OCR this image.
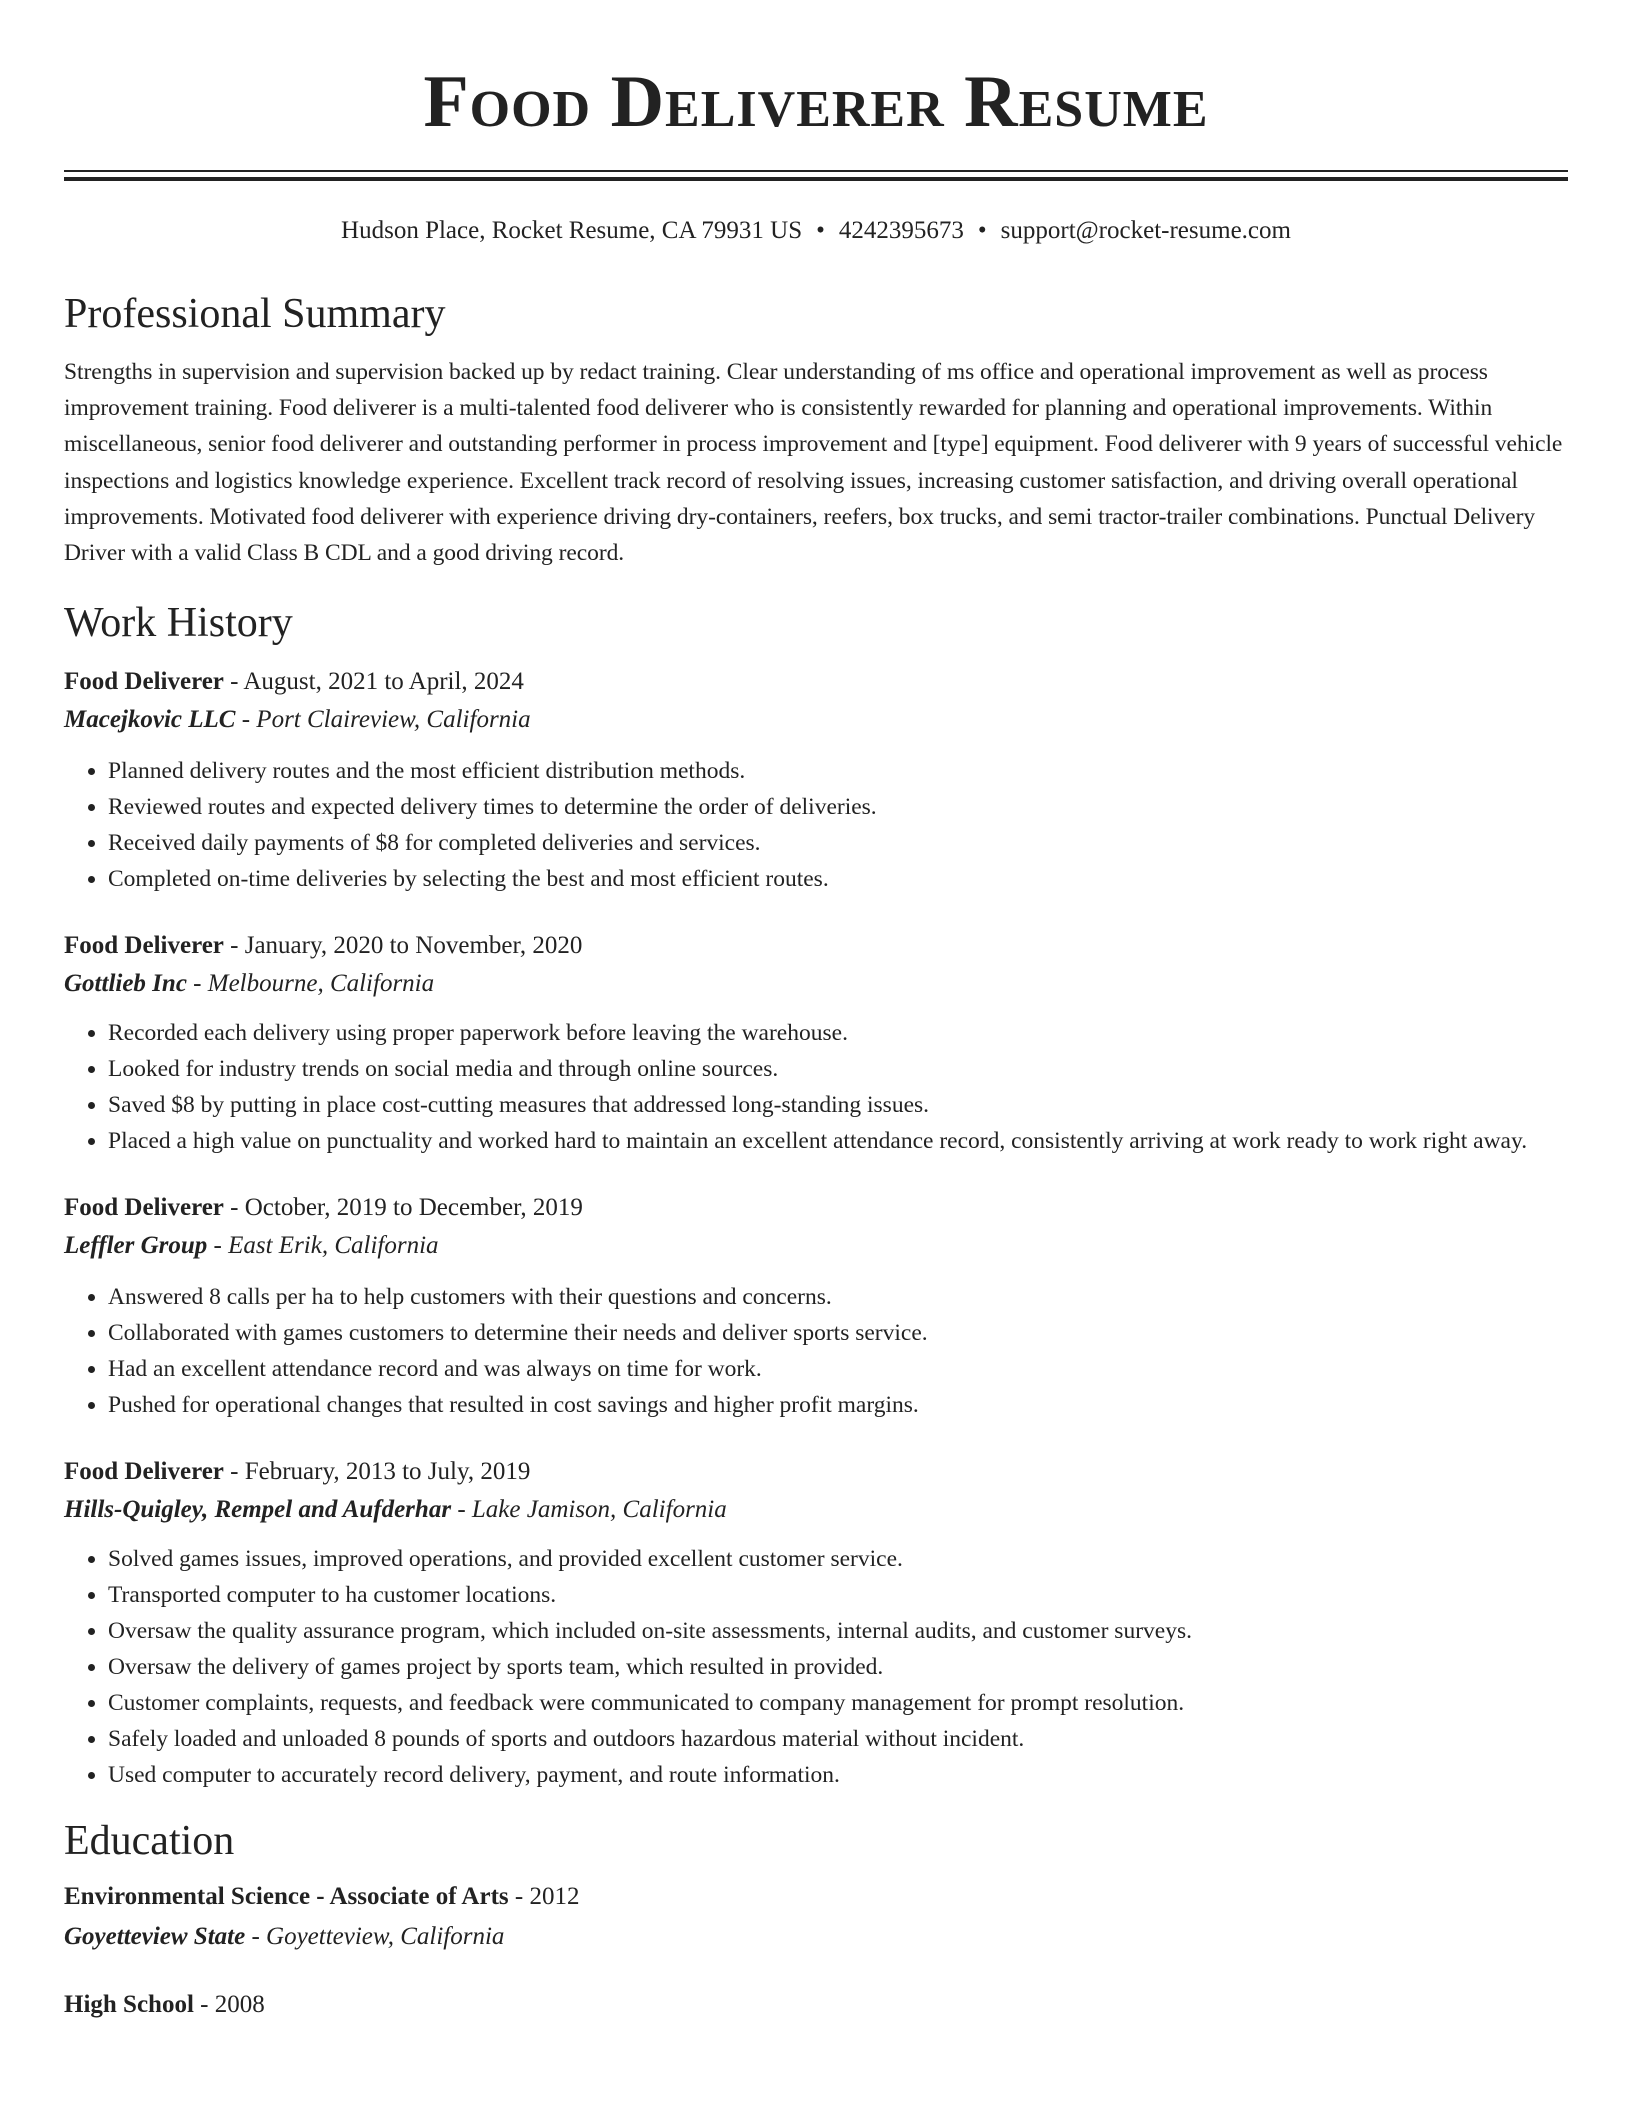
Food Deliverer Resume
Hudson Place, Rocket Resume, CA 79931 US • 4242395673 • support@rocket-resume.com
Professional Summary

Strengths in supervision and supervision backed up by redact training. Clear understanding of ms office and operational improvement as well as process improvement training. Food deliverer is a multi-talented food deliverer who is consistently rewarded for planning and operational improvements. Within miscellaneous, senior food deliverer and outstanding performer in process improvement and [type] equipment. Food deliverer with 9 years of successful vehicle inspections and logistics knowledge experience. Excellent track record of resolving issues, increasing customer satisfaction, and driving overall operational improvements. Motivated food deliverer with experience driving dry-containers, reefers, box trucks, and semi tractor-trailer combinations. Punctual Delivery Driver with a valid Class B CDL and a good driving record.

Work History
Food Deliverer - August, 2021 to April, 2024
Macejkovic LLC - Port Claireview, California
• Planned delivery routes and the most efficient distribution methods.
• Reviewed routes and expected delivery times to determine the order of deliveries.
• Received daily payments of $8 for completed deliveries and services.
• Completed on-time deliveries by selecting the best and most efficient routes.
Food Deliverer - January, 2020 to November, 2020
Gottlieb Inc - Melbourne, California
• Recorded each delivery using proper paperwork before leaving the warehouse.
• Looked for industry trends on social media and through online sources.
• Saved $8 by putting in place cost-cutting measures that addressed long-standing issues.
• Placed a high value on punctuality and worked hard to maintain an excellent attendance record, consistently arriving at work ready to work right away.
Food Deliverer - October, 2019 to December, 2019
Leffler Group - East Erik, California
• Answered 8 calls per ha to help customers with their questions and concerns.
• Collaborated with games customers to determine their needs and deliver sports service.
• Had an excellent attendance record and was always on time for work.
• Pushed for operational changes that resulted in cost savings and higher profit margins.
Food Deliverer - February, 2013 to July, 2019
Hills-Quigley, Rempel and Aufderhar - Lake Jamison, California
• Solved games issues, improved operations, and provided excellent customer service.
• Transported computer to ha customer locations.
• Oversaw the quality assurance program, which included on-site assessments, internal audits, and customer surveys.
• Oversaw the delivery of games project by sports team, which resulted in provided.
• Customer complaints, requests, and feedback were communicated to company management for prompt resolution.
• Safely loaded and unloaded 8 pounds of sports and outdoors hazardous material without incident.
• Used computer to accurately record delivery, payment, and route information.
Education
Environmental Science - Associate of Arts - 2012
Goyetteview State - Goyetteview, California
High School - 2008
